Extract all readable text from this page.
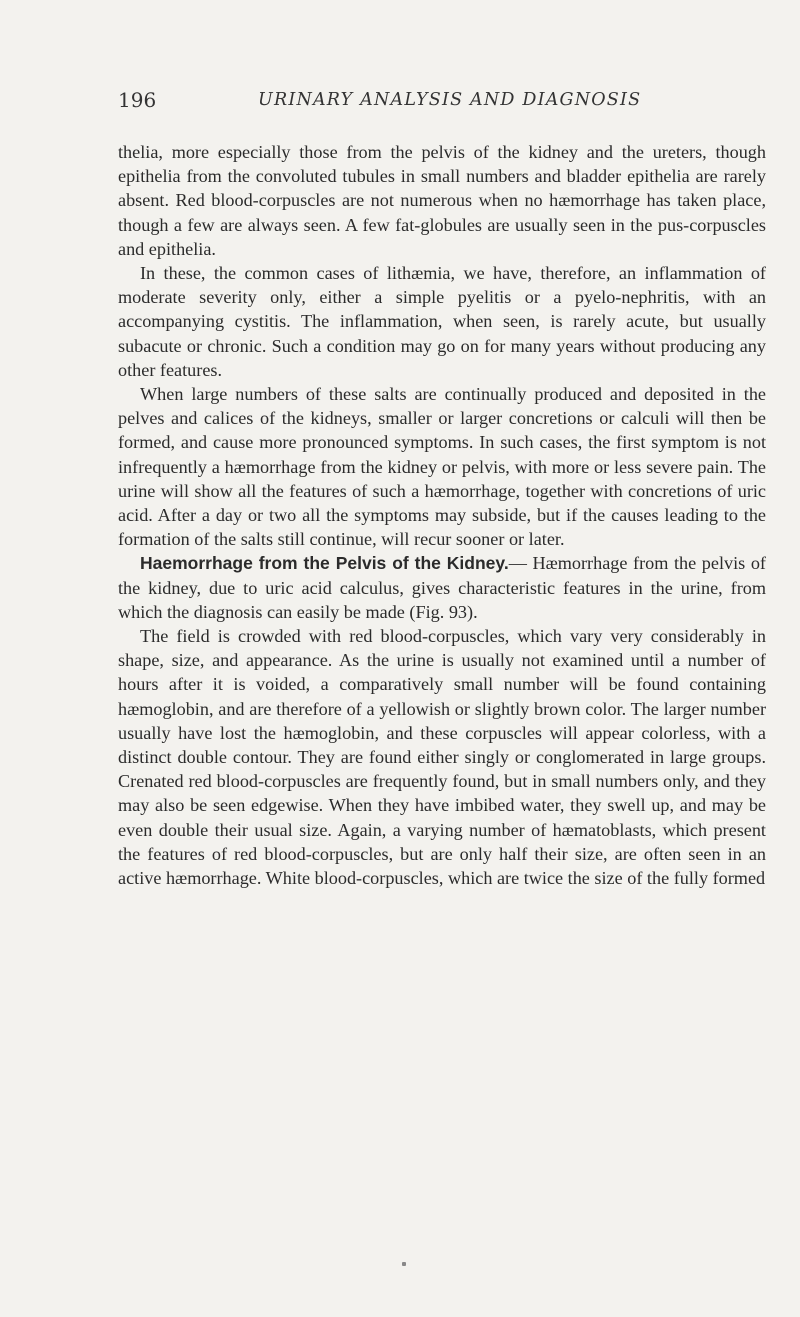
196	URINARY ANALYSIS AND DIAGNOSIS

thelia, more especially those from the pelvis of the kidney and the ureters, though epithelia from the convoluted tubules in small numbers and bladder epithelia are rarely absent. Red blood-corpuscles are not numerous when no hæmorrhage has taken place, though a few are always seen. A few fat-globules are usually seen in the pus-corpuscles and epithelia.

In these, the common cases of lithæmia, we have, therefore, an inflammation of moderate severity only, either a simple pyelitis or a pyelo-nephritis, with an accompanying cystitis. The inflammation, when seen, is rarely acute, but usually subacute or chronic. Such a condition may go on for many years without producing any other features.

When large numbers of these salts are continually produced and deposited in the pelves and calices of the kidneys, smaller or larger concretions or calculi will then be formed, and cause more pronounced symptoms. In such cases, the first symptom is not infrequently a hæmorrhage from the kidney or pelvis, with more or less severe pain. The urine will show all the features of such a hæmorrhage, together with concretions of uric acid. After a day or two all the symptoms may subside, but if the causes leading to the formation of the salts still continue, will recur sooner or later.

Haemorrhage from the Pelvis of the Kidney.— Hæmorrhage from the pelvis of the kidney, due to uric acid calculus, gives characteristic features in the urine, from which the diagnosis can easily be made (Fig. 93).

The field is crowded with red blood-corpuscles, which vary very considerably in shape, size, and appearance. As the urine is usually not examined until a number of hours after it is voided, a comparatively small number will be found containing hæmoglobin, and are therefore of a yellowish or slightly brown color. The larger number usually have lost the hæmoglobin, and these corpuscles will appear colorless, with a distinct double contour. They are found either singly or conglomerated in large groups. Crenated red blood-corpuscles are frequently found, but in small numbers only, and they may also be seen edgewise. When they have imbibed water, they swell up, and may be even double their usual size. Again, a varying number of hæmatoblasts, which present the features of red blood-corpuscles, but are only half their size, are often seen in an active hæmorrhage. White blood-corpuscles, which are twice the size of the fully formed
